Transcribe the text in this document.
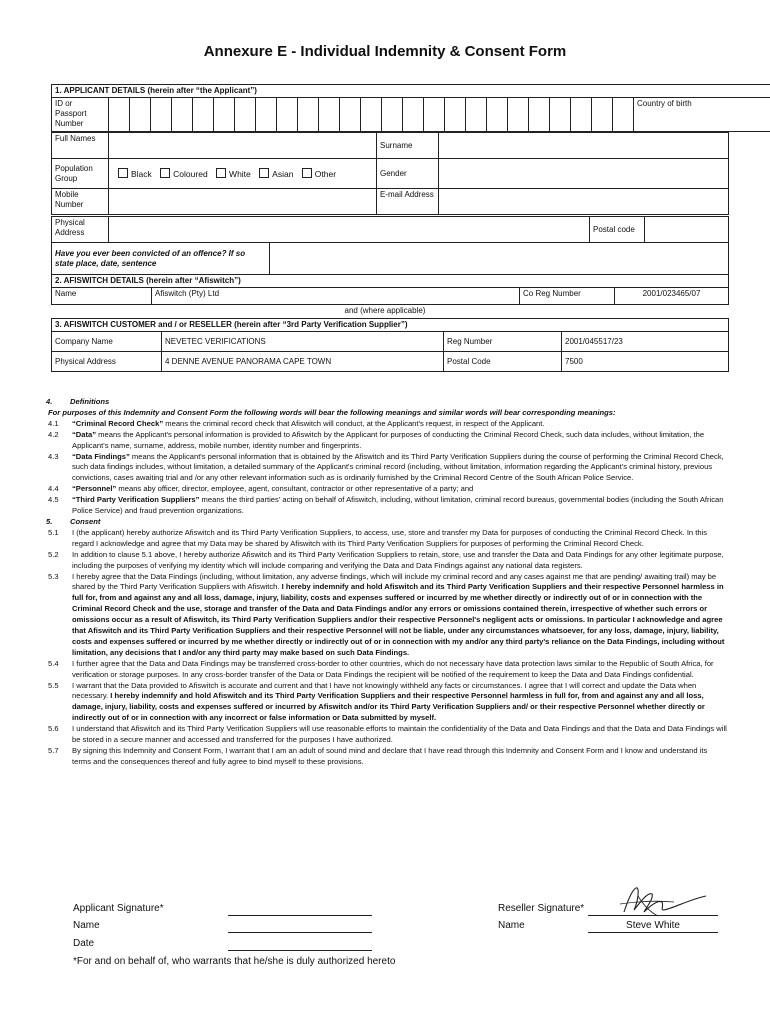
Annexure E - Individual Indemnity & Consent Form
1. APPLICANT DETAILS (herein after “the Applicant”)
ID or Passport Number																										Country of birth
Full Names		Surname	
Population Group	Black Coloured White Asian Other	Gender	
Mobile Number		E-mail Address	
Physical Address		Postal code	
Have you ever been convicted of an offence? If so state place, date, sentence	
2. AFISWITCH DETAILS (herein after “Afiswitch”)
Name	Afiswitch (Pty) Ltd	Co Reg Number	2001/023465/07
and (where applicable)
3. AFISWITCH CUSTOMER and / or RESELLER (herein after “3rd Party Verification Supplier”)			
Company Name	NEVETEC VERIFICATIONS	Reg Number	2001/045517/23
Physical Address	4 DENNE AVENUE PANORAMA CAPE TOWN	Postal Code	7500
4. Definitions
For purposes of this Indemnity and Consent Form the following words will bear the following meanings and similar words will bear corresponding meanings:
4.1 “Criminal Record Check” means the criminal record check that Afiswitch will conduct, at the Applicant's request, in respect of the Applicant.
4.2 “Data” means the Applicant's personal information is provided to Afiswitch by the Applicant for purposes of conducting the Criminal Record Check, such data includes, without limitation, the Applicant's name, surname, address, mobile number, identity number and fingerprints.
4.3 “Data Findings” means the Applicant's personal information that is obtained by the Afiswitch and its Third Party Verification Suppliers during the course of performing the Criminal Record Check, such data findings includes, without limitation, a detailed summary of the Applicant's criminal record (including, without limitation, information regarding the Applicant's criminal history, previous convictions, cases awaiting trial and /or any other relevant information such as is ordinarily furnished by the Criminal Record Centre of the South African Police Service.
4.4 “Personnel” means aby officer, director, employee, agent, consultant, contractor or other representative of a party; and
4.5 “Third Party Verification Suppliers” means the third parties' acting on behalf of Afiswitch, including, without limitation, criminal record bureaus, governmental bodies (including the South African Police Service) and fraud prevention organizations.
5. Consent
5.1 I (the applicant) hereby authorize Afiswitch and its Third Party Verification Suppliers, to access, use, store and transfer my Data for purposes of conducting the Criminal Record Check. In this regard I acknowledge and agree that my Data may be shared by Afiswitch with its Third Party Verification Suppliers for purposes of performing the Criminal Record Check.
5.2 In addition to clause 5.1 above, I hereby authorize Afiswitch and its Third Party Verification Suppliers to retain, store, use and transfer the Data and Data Findings for any other legitimate purpose, including the purposes of verifying my identity which will include comparing and verifying the Data and Data Findings against any national data registers.
5.3 I hereby agree that the Data Findings (including, without limitation, any adverse findings, which will include my criminal record and any cases against me that are pending/ awaiting trail) may be shared by the Third Party Verification Suppliers with Afiswitch. I hereby indemnify and hold Afiswitch and its Third Party Verification Suppliers and their respective Personnel harmless in full for, from and against any and all loss, damage, injury, liability, costs and expenses suffered or incurred by me whether directly or indirectly out of or in connection with the Criminal Record Check and the use, storage and transfer of the Data and Data Findings and/or any errors or omissions contained therein, irrespective of whether such errors or omissions occur as a result of Afiswitch, its Third Party Verification Suppliers and/or their respective Personnel's negligent acts or omissions. In particular I acknowledge and agree that Afiswitch and its Third Party Verification Suppliers and their respective Personnel will not be liable, under any circumstances whatsoever, for any loss, damage, injury, liability, costs and expenses suffered or incurred by me whether directly or indirectly out of or in connection with my and/or any third party's reliance on the Data Findings, including without limitation, any decisions that I and/or any third party may make based on such Data Findings.
5.4 I further agree that the Data and Data Findings may be transferred cross-border to other countries, which do not necessary have data protection laws similar to the Republic of South Africa, for verification or storage purposes. In any cross-border transfer of the Data or Data Findings the recipient will be notified of the requirement to keep the Data and Data Findings confidential.
5.5 I warrant that the Data provided to Afiswitch is accurate and current and that I have not knowingly withheld any facts or circumstances. I agree that I will correct and update the Data when necessary. I hereby indemnify and hold Afiswitch and its Third Party Verification Suppliers and their respective Personnel harmless in full for, from and against any and all loss, damage, injury, liability, costs and expenses suffered or incurred by Afiswitch and/or its Third Party Verification Suppliers and/ or their respective Personnel whether directly or indirectly out of or in connection with any incorrect or false information or Data submitted by myself.
5.6 I understand that Afiswitch and its Third Party Verification Suppliers will use reasonable efforts to maintain the confidentiality of the Data and Data Findings and that the Data and Data Findings will be stored in a secure manner and accessed and transferred for the purposes I have authorized.
5.7 By signing this Indemnity and Consent Form, I warrant that I am an adult of sound mind and declare that I have read through this Indemnity and Consent Form and I know and understand its terms and the consequences thereof and fully agree to bind myself to these provisions.
Applicant Signature*
Name
Date
*For and on behalf of, who warrants that he/she is duly authorized hereto
Reseller Signature*
Name	Steve White
